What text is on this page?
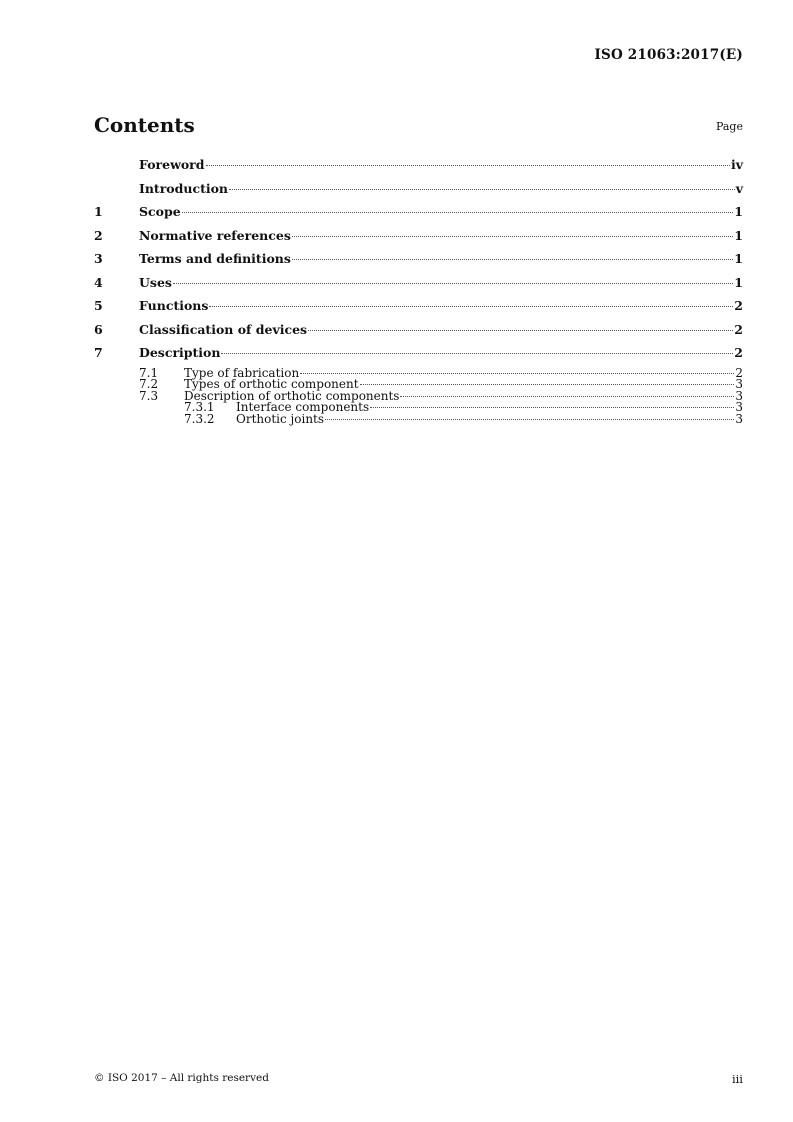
ISO 21063:2017(E)
Contents	Page
Foreword	iv
Introduction	v
1	Scope	1
2	Normative references	1
3	Terms and definitions	1
4	Uses	1
5	Functions	2
6	Classification of devices	2
7	Description	2
7.1	Type of fabrication	2
7.2	Types of orthotic component	3
7.3	Description of orthotic components	3
7.3.1	Interface components	3
7.3.2	Orthotic joints	3
© ISO 2017 – All rights reserved	iii
